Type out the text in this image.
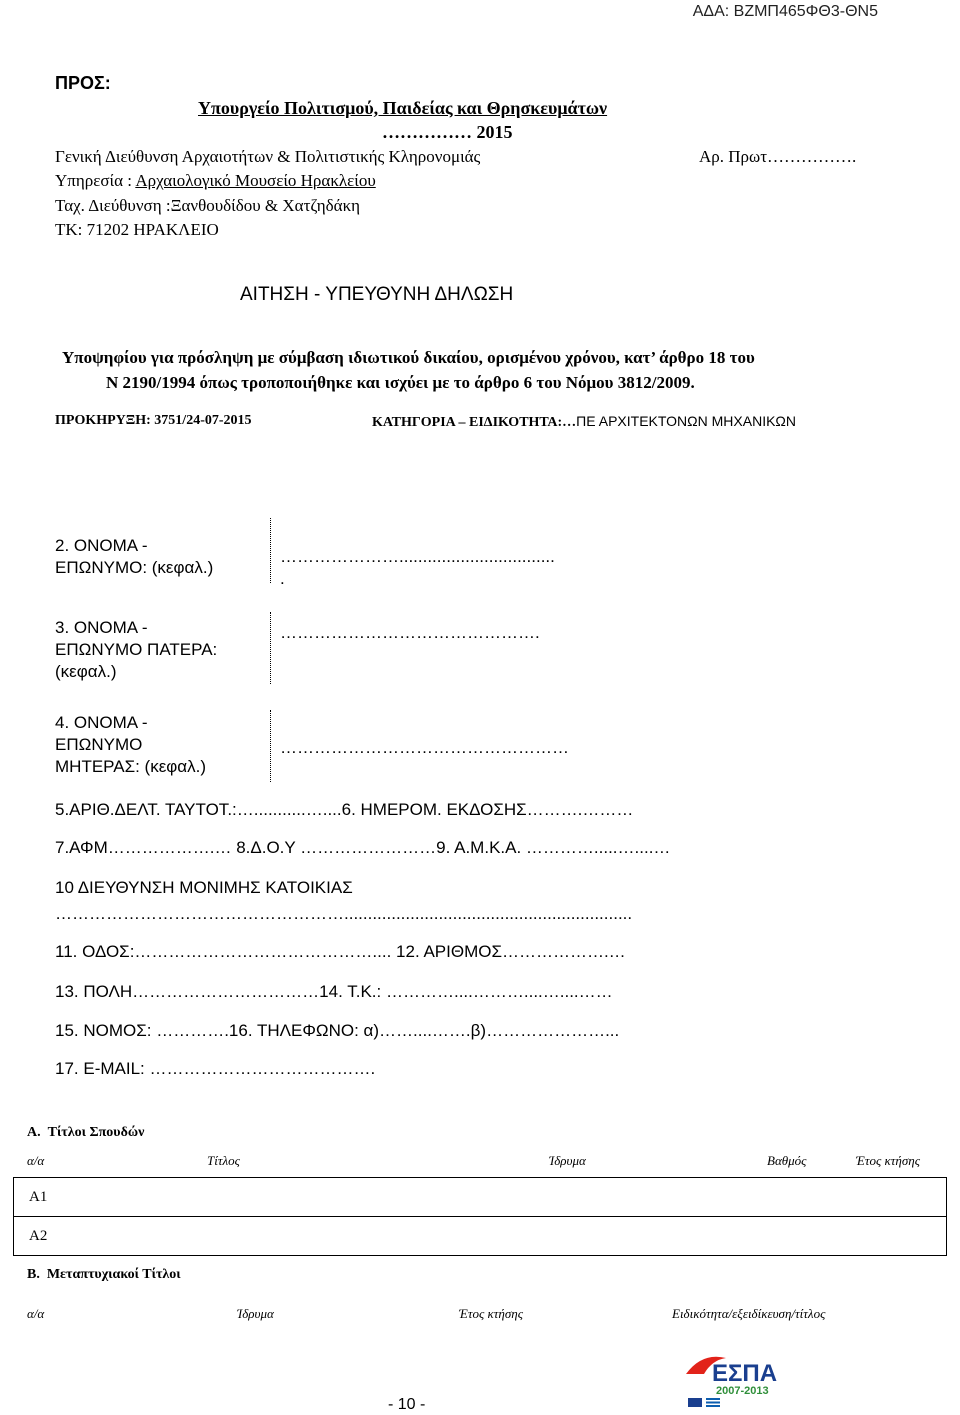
ΑΔΑ: ΒΖΜΠ465ΦΘ3-ΘΝ5
ΠΡΟΣ:
Υπουργείο Πολιτισμού, Παιδείας και Θρησκευμάτων
…………… 2015
Γενική Διεύθυνση Αρχαιοτήτων & Πολιτιστικής Κληρονομιάς	Αρ. Πρωτ…………….
Υπηρεσία : Αρχαιολογικό Μουσείο Ηρακλείου
Ταχ. Διεύθυνση :Ξανθουδίδου & Χατζηδάκη
ΤΚ: 71202 ΗΡΑΚΛΕΙΟ
ΑΙΤΗΣΗ - ΥΠΕΥΘΥΝΗ ΔΗΛΩΣΗ
Υποψηφίου για πρόσληψη με σύμβαση ιδιωτικού δικαίου, ορισμένου χρόνου, κατ’ άρθρο 18 του
Ν 2190/1994 όπως τροποποιήθηκε και ισχύει με το άρθρο 6 του Νόμου 3812/2009.
ΠΡΟΚΗΡΥΞΗ: 3751/24-07-2015	ΚΑΤΗΓΟΡΙΑ – ΕΙΔΙΚΟΤΗΤΑ:…ΠΕ ΑΡΧΙΤΕΚΤΟΝΩΝ ΜΗΧΑΝΙΚΩΝ
2. ΟΝΟΜΑ -
ΕΠΩΝΥΜΟ: (κεφαλ.)
………………….................................
.
3. ΟΝΟΜΑ -
ΕΠΩΝΥΜΟ ΠΑΤΕΡΑ:
(κεφαλ.)
……………………………………….
4. ΟΝΟΜΑ -
ΕΠΩΝΥΜΟ
ΜΗΤΕΡΑΣ: (κεφαλ.)
……………………………………………
5.ΑΡΙΘ.ΔΕΛΤ. ΤΑΥΤΟΤ.:…...........…....6. ΗΜΕΡΟΜ. ΕΚΔΟΣΗΣ……….………
7.ΑΦΜ……………….… 8.Δ.Ο.Υ ……………………9. Α.Μ.Κ.Α. ………….....…....…
10 ΔΙΕΥΘΥΝΣΗ ΜΟΝΙΜΗΣ ΚΑΤΟΙΚΙΑΣ
…………………………………………….............................................................
11. ΟΔΟΣ:…………………………………….... 12. ΑΡΙΘΜΟΣ……………….…
13. ΠΟΛΗ……………………………14. Τ.Κ.: …………....………....…....……
15. ΝΟΜΟΣ: ………….16. ΤΗΛΕΦΩΝΟ: α)……....…….β)…………………...
17. E-MAIL: ………………………………….
Α. Τίτλοι Σπουδών
α/α	Τίτλος	Ίδρυμα	Βαθμός	Έτος κτήσης
Α1
Α2
Β. Μεταπτυχιακοί Τίτλοι
α/α	Ίδρυμα	Έτος κτήσης	Ειδικότητα/εξειδίκευση/τίτλος
ΕΣΠΑ
2007-2013
- 10 -
